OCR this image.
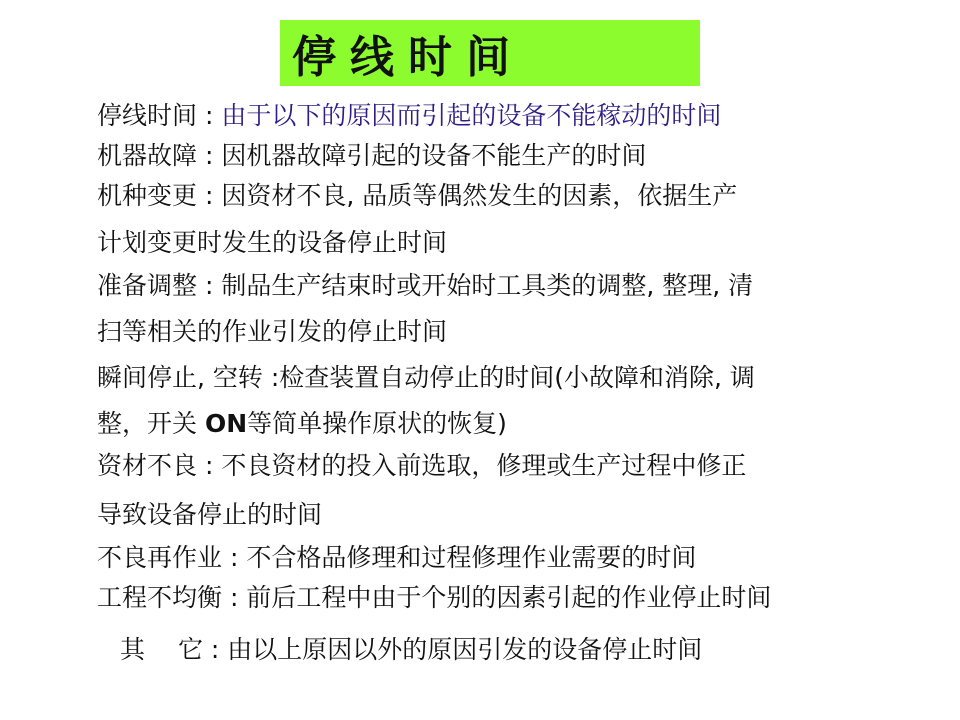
停线时间
停线时间 : 由于以下的原因而引起的设备不能稼动的时间
机器故障 : 因机器故障引起的设备不能生产的时间
机种变更 : 因资材不良, 品质等偶然发生的因素，依据生产
计划变更时发生的设备停止时间
准备调整 : 制品生产结束时或开始时工具类的调整, 整理, 清
扫等相关的作业引发的停止时间
瞬间停止, 空转 :检查装置自动停止的时间(小故障和消除, 调
整，开关 ON等简单操作原状的恢复)
资材不良 : 不良资材的投入前选取，修理或生产过程中修正
导致设备停止的时间
不良再作业 : 不合格品修理和过程修理作业需要的时间
工程不均衡 : 前后工程中由于个别的因素引起的作业停止时间
其　 它 : 由以上原因以外的原因引发的设备停止时间
